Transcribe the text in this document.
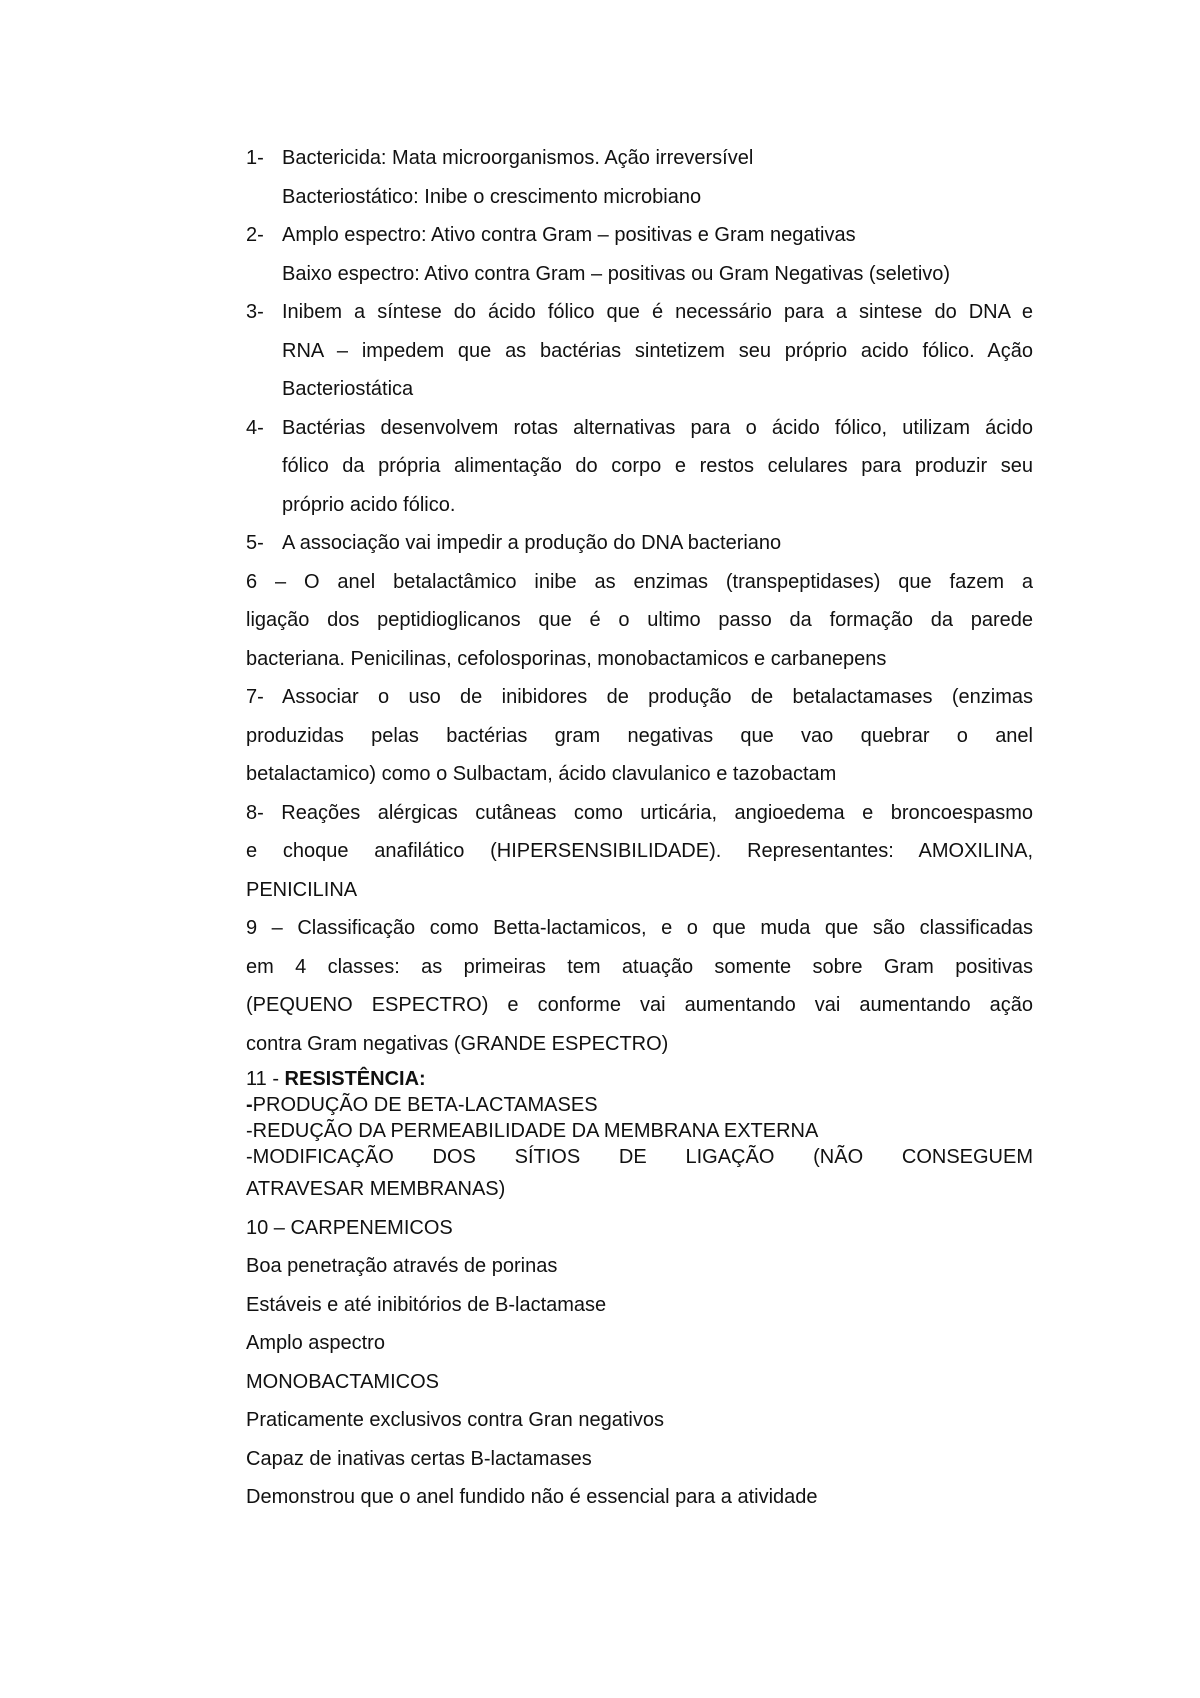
1- Bactericida: Mata microorganismos. Ação irreversível
Bacteriostático: Inibe o crescimento microbiano
2- Amplo espectro: Ativo contra Gram – positivas e Gram negativas
Baixo espectro: Ativo contra Gram – positivas ou Gram Negativas (seletivo)
3- Inibem a síntese do ácido fólico que é necessário para a sintese do DNA e
RNA – impedem que as bactérias sintetizem seu próprio acido fólico. Ação
Bacteriostática
4- Bactérias desenvolvem rotas alternativas para o ácido fólico, utilizam ácido
fólico da própria alimentação do corpo e restos celulares para produzir seu
próprio acido fólico.
5- A associação vai impedir a produção do DNA bacteriano
6 – O anel betalactâmico inibe as enzimas (transpeptidases) que fazem a
ligação dos peptidioglicanos que é o ultimo passo da formação da parede
bacteriana. Penicilinas, cefolosporinas, monobactamicos e carbanepens
7- Associar o uso de inibidores de produção de betalactamases (enzimas
produzidas pelas bactérias gram negativas que vao quebrar o anel
betalactamico) como o Sulbactam, ácido clavulanico e tazobactam
8- Reações alérgicas cutâneas como urticária, angioedema e broncoespasmo
e choque anafilático (HIPERSENSIBILIDADE). Representantes: AMOXILINA,
PENICILINA
9 – Classificação como Betta-lactamicos, e o que muda que são classificadas
em 4 classes: as primeiras tem atuação somente sobre Gram positivas
(PEQUENO ESPECTRO) e conforme vai aumentando vai aumentando ação
contra Gram negativas (GRANDE ESPECTRO)
11 - RESISTÊNCIA:
-PRODUÇÃO DE BETA-LACTAMASES
-REDUÇÃO DA PERMEABILIDADE DA MEMBRANA EXTERNA
-MODIFICAÇÃO DOS SÍTIOS DE LIGAÇÃO (NÃO CONSEGUEM
ATRAVESAR MEMBRANAS)
10 – CARPENEMICOS
Boa penetração através de porinas
Estáveis e até inibitórios de B-lactamase
Amplo aspectro
MONOBACTAMICOS
Praticamente exclusivos contra Gran negativos
Capaz de inativas certas B-lactamases
Demonstrou que o anel fundido não é essencial para a atividade
